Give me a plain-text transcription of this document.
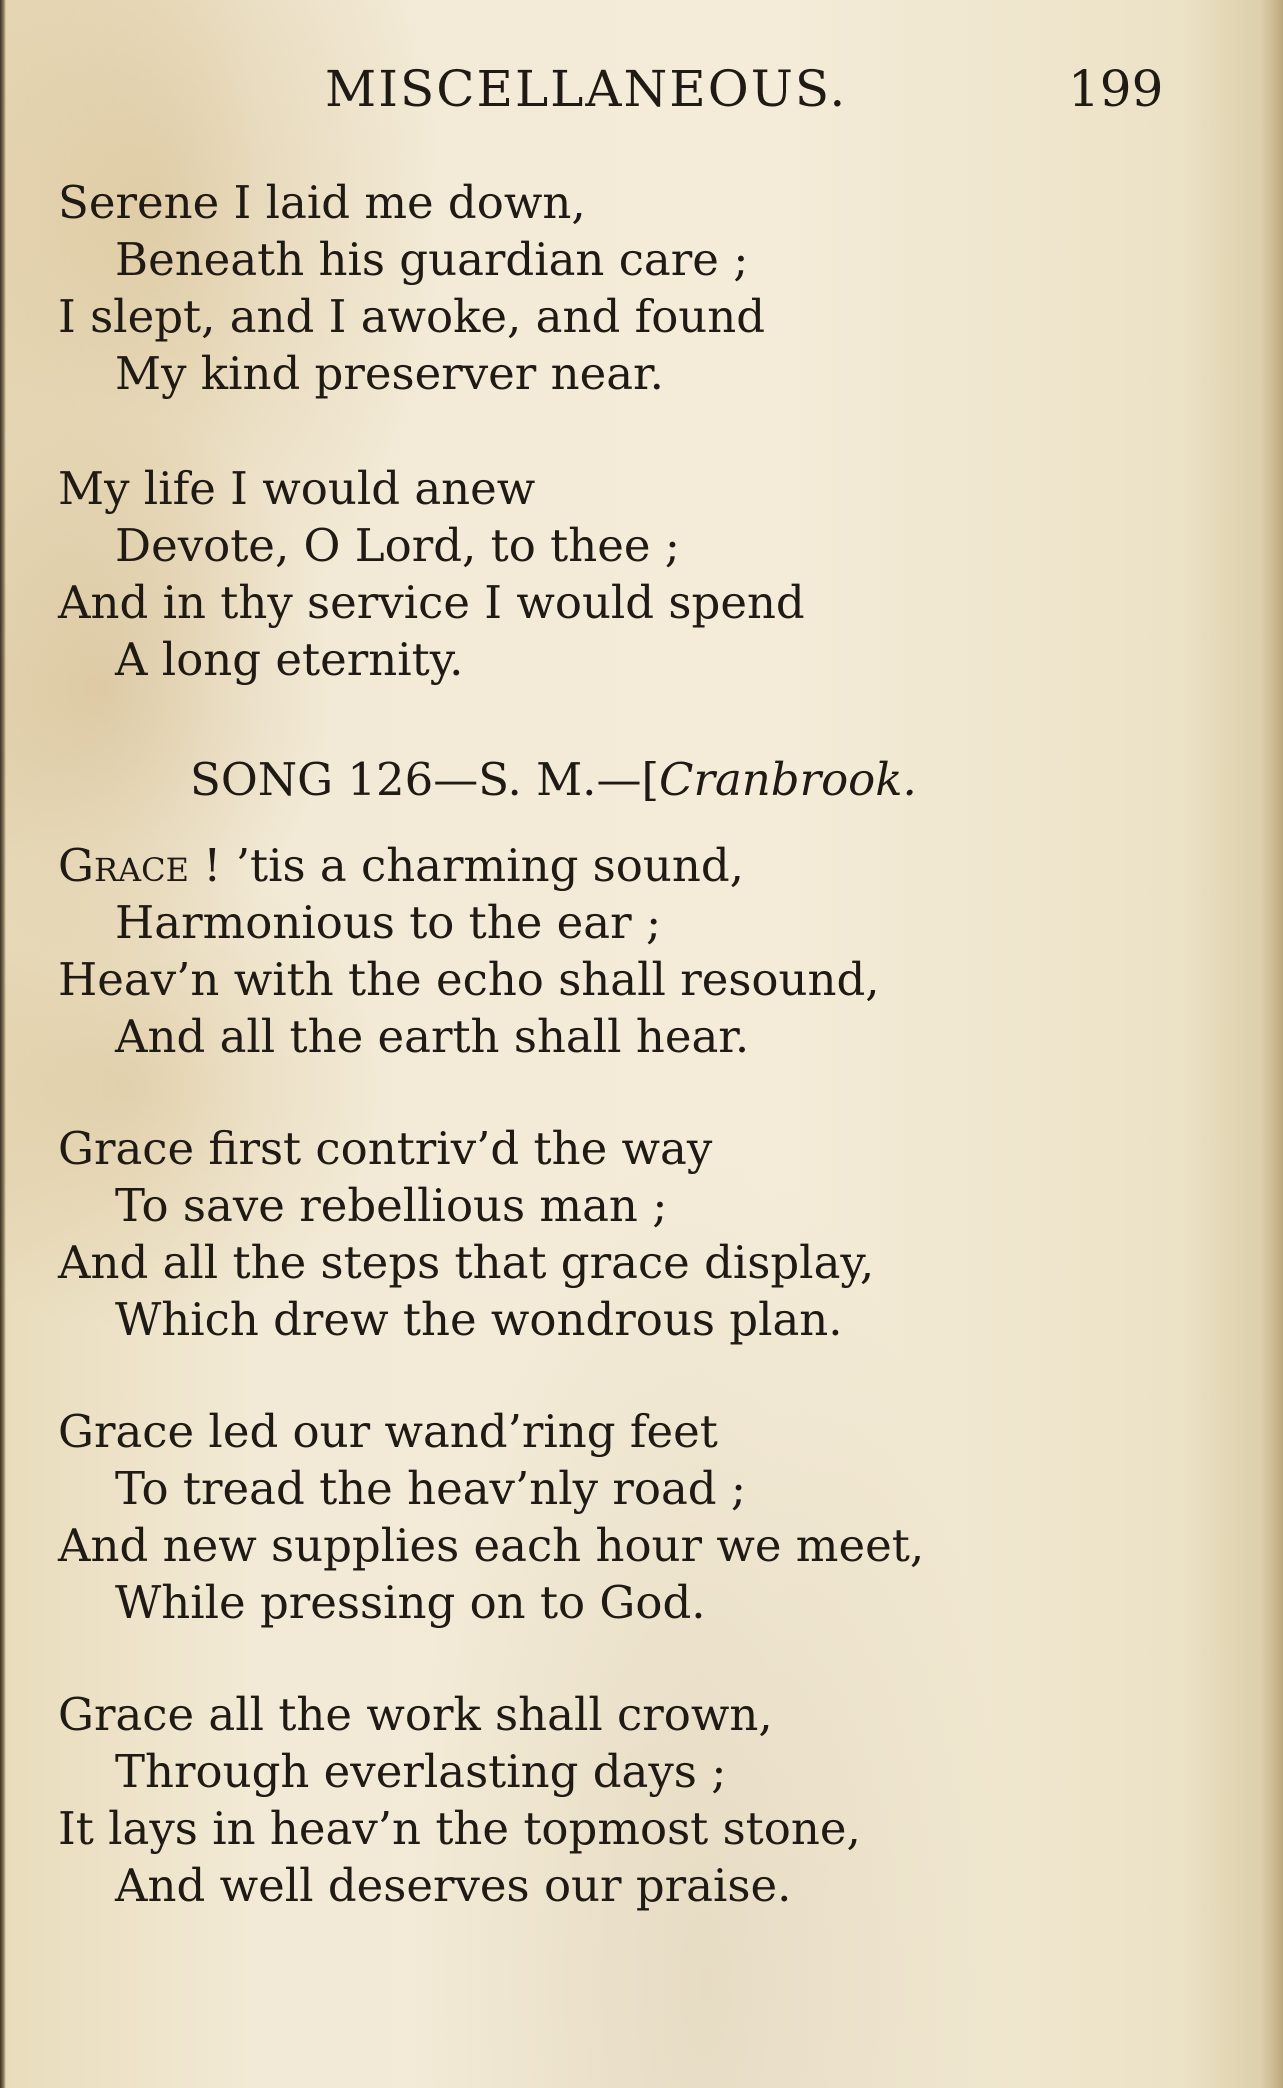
MISCELLANEOUS.	199
Serene I laid me down,
Beneath his guardian care ;
I slept, and I awoke, and found
My kind preserver near.
My life I would anew
Devote, O Lord, to thee ;
And in thy service I would spend
A long eternity.
SONG 126—S. M.—[Cranbrook.
Grace ! ’tis a charming sound,
Harmonious to the ear ;
Heav’n with the echo shall resound,
And all the earth shall hear.
Grace first contriv’d the way
To save rebellious man ;
And all the steps that grace display,
Which drew the wondrous plan.
Grace led our wand’ring feet
To tread the heav’nly road ;
And new supplies each hour we meet,
While pressing on to God.
Grace all the work shall crown,
Through everlasting days ;
It lays in heav’n the topmost stone,
And well deserves our praise.
